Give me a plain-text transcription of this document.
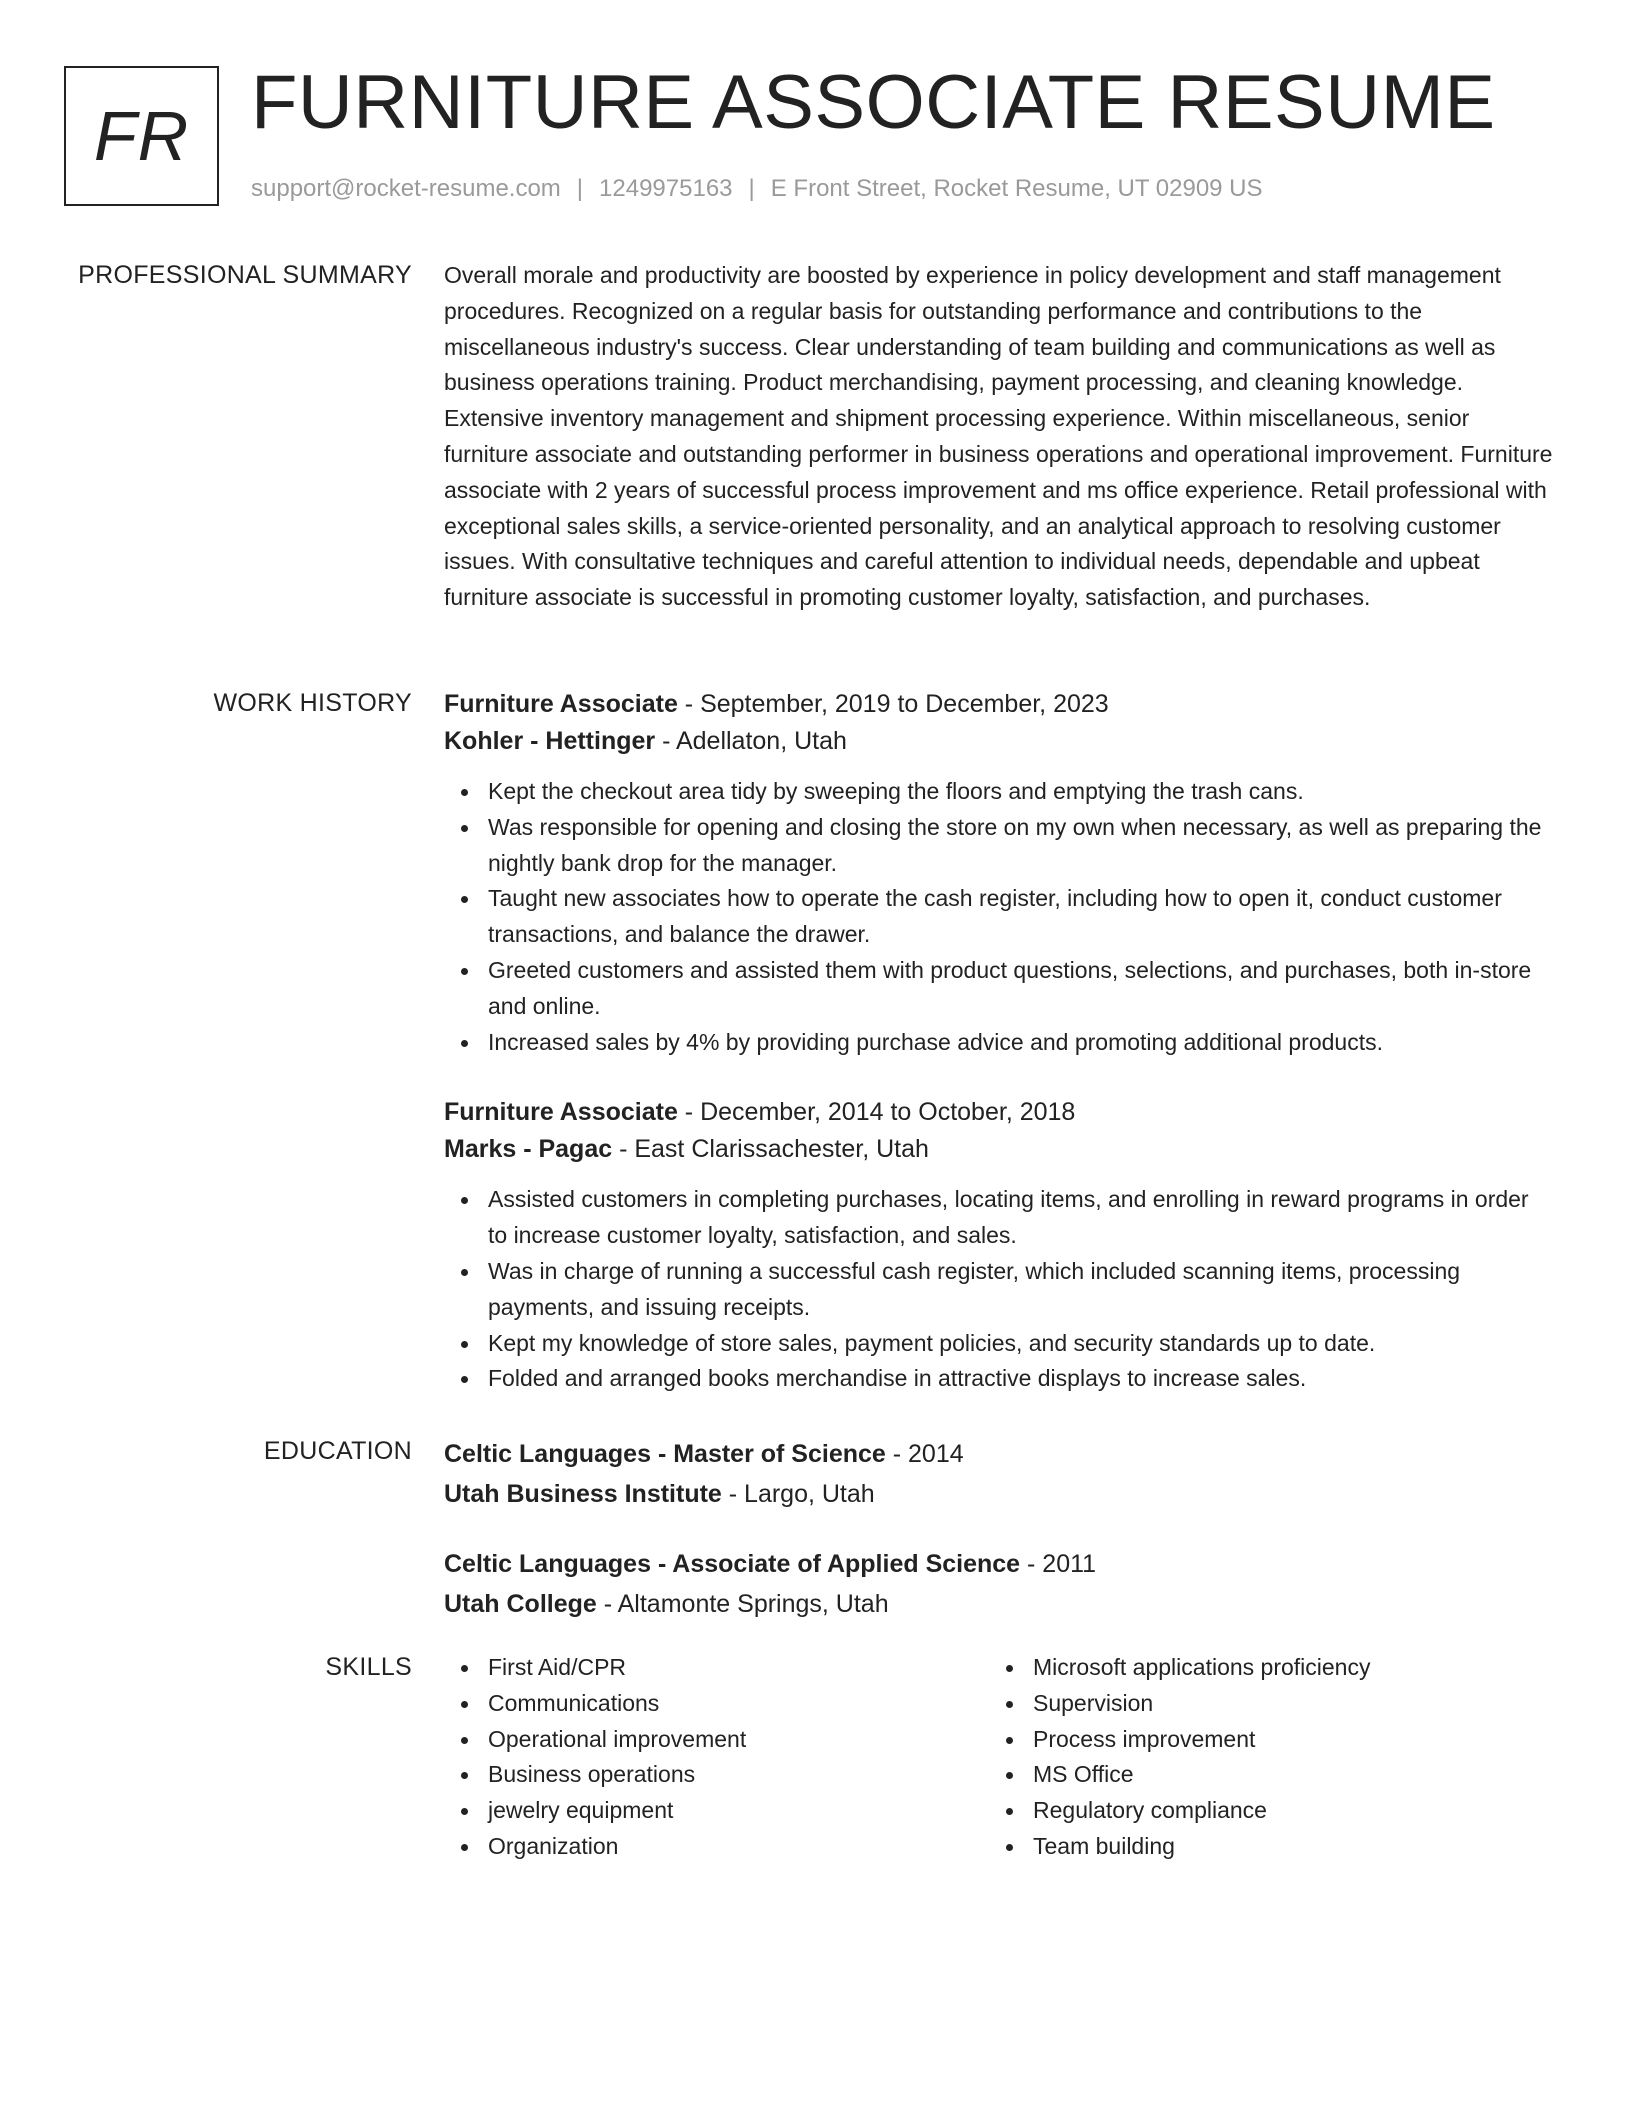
FR FURNITURE ASSOCIATE RESUME
support@rocket-resume.com | 1249975163 | E Front Street, Rocket Resume, UT 02909 US
PROFESSIONAL SUMMARY Overall morale and productivity are boosted by experience in policy development and staff management procedures. Recognized on a regular basis for outstanding performance and contributions to the miscellaneous industry's success. Clear understanding of team building and communications as well as business operations training. Product merchandising, payment processing, and cleaning knowledge. Extensive inventory management and shipment processing experience. Within miscellaneous, senior furniture associate and outstanding performer in business operations and operational improvement. Furniture associate with 2 years of successful process improvement and ms office experience. Retail professional with exceptional sales skills, a service-oriented personality, and an analytical approach to resolving customer issues. With consultative techniques and careful attention to individual needs, dependable and upbeat furniture associate is successful in promoting customer loyalty, satisfaction, and purchases.

WORK HISTORY Furniture Associate - September, 2019 to December, 2023
Kohler - Hettinger - Adellaton, Utah
Kept the checkout area tidy by sweeping the floors and emptying the trash cans.
Was responsible for opening and closing the store on my own when necessary, as well as preparing the nightly bank drop for the manager.
Taught new associates how to operate the cash register, including how to open it, conduct customer transactions, and balance the drawer.
Greeted customers and assisted them with product questions, selections, and purchases, both in-store and online.
Increased sales by 4% by providing purchase advice and promoting additional products.
Furniture Associate - December, 2014 to October, 2018
Marks - Pagac - East Clarissachester, Utah
Assisted customers in completing purchases, locating items, and enrolling in reward programs in order to increase customer loyalty, satisfaction, and sales.
Was in charge of running a successful cash register, which included scanning items, processing payments, and issuing receipts.
Kept my knowledge of store sales, payment policies, and security standards up to date.
Folded and arranged books merchandise in attractive displays to increase sales.
EDUCATION Celtic Languages - Master of Science - 2014
Utah Business Institute - Largo, Utah
Celtic Languages - Associate of Applied Science - 2011
Utah College - Altamonte Springs, Utah
SKILLS	First Aid/CPR
Communications
Operational improvement
Business operations
jewelry equipment
Organization
Microsoft applications proficiency
Supervision
Process improvement
MS Office
Regulatory compliance
Team building
